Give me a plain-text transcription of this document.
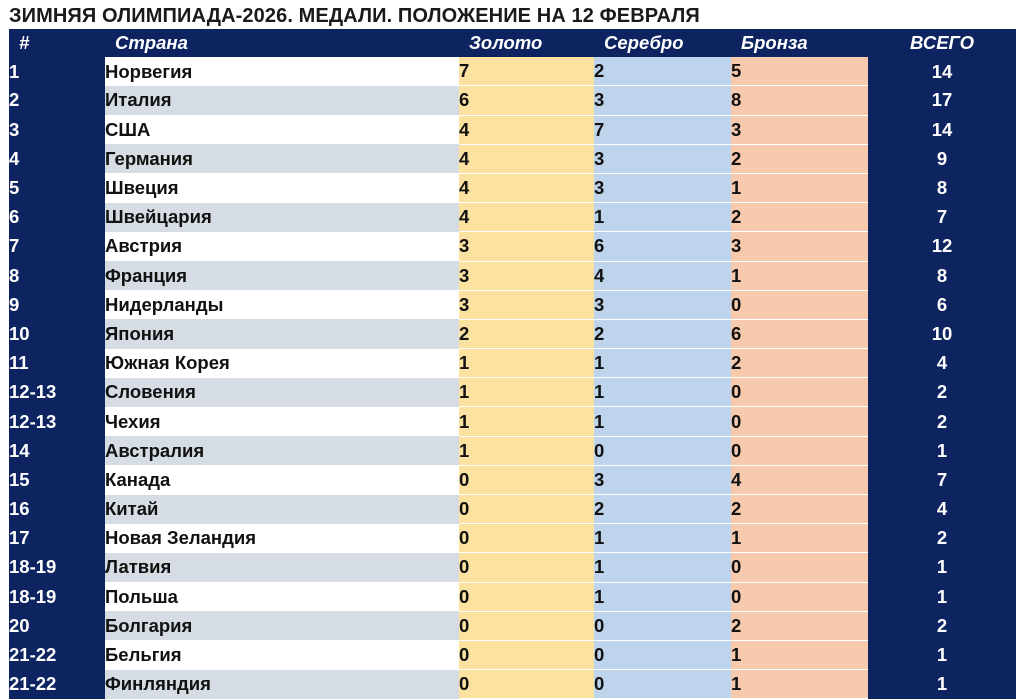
ЗИМНЯЯ ОЛИМПИАДА-2026. МЕДАЛИ. ПОЛОЖЕНИЕ НА 12 ФЕВРАЛЯ
#	Страна	Золото	Серебро	Бронза	ВСЕГО
1	Норвегия	7	2	5	14
2	Италия	6	3	8	17
3	США	4	7	3	14
4	Германия	4	3	2	9
5	Швеция	4	3	1	8
6	Швейцария	4	1	2	7
7	Австрия	3	6	3	12
8	Франция	3	4	1	8
9	Нидерланды	3	3	0	6
10	Япония	2	2	6	10
11	Южная Корея	1	1	2	4
12-13	Словения	1	1	0	2
12-13	Чехия	1	1	0	2
14	Австралия	1	0	0	1
15	Канада	0	3	4	7
16	Китай	0	2	2	4
17	Новая Зеландия	0	1	1	2
18-19	Латвия	0	1	0	1
18-19	Польша	0	1	0	1
20	Болгария	0	0	2	2
21-22	Бельгия	0	0	1	1
21-22	Финляндия	0	0	1	1
